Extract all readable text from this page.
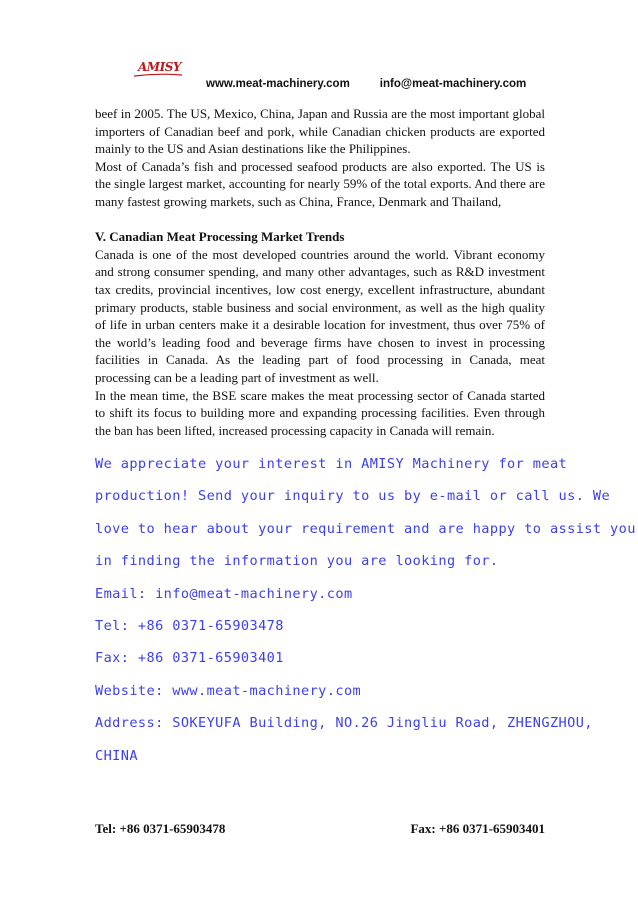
AMISY
www.meat-machinery.com	info@meat-machinery.com

beef in 2005. The US, Mexico, China, Japan and Russia are the most important global importers of Canadian beef and pork, while Canadian chicken products are exported mainly to the US and Asian destinations like the Philippines.

Most of Canada’s fish and processed seafood products are also exported. The US is the single largest market, accounting for nearly 59% of the total exports. And there are many fastest growing markets, such as China, France, Denmark and Thailand,

V. Canadian Meat Processing Market Trends

Canada is one of the most developed countries around the world. Vibrant economy and strong consumer spending, and many other advantages, such as R&D investment tax credits, provincial incentives, low cost energy, excellent infrastructure, abundant primary products, stable business and social environment, as well as the high quality of life in urban centers make it a desirable location for investment, thus over 75% of the world’s leading food and beverage firms have chosen to invest in processing facilities in Canada. As the leading part of food processing in Canada, meat processing can be a leading part of investment as well.

In the mean time, the BSE scare makes the meat processing sector of Canada started to shift its focus to building more and expanding processing facilities. Even through the ban has been lifted, increased processing capacity in Canada will remain.

We appreciate your interest in AMISY Machinery for meat
production! Send your inquiry to us by e-mail or call us. We
love to hear about your requirement and are happy to assist you
in finding the information you are looking for.
Email: info@meat-machinery.com
Tel: +86 0371-65903478
Fax: +86 0371-65903401
Website: www.meat-machinery.com
Address: SOKEYUFA Building, NO.26 Jingliu Road, ZHENGZHOU,
CHINA
Tel: +86 0371-65903478	Fax: +86 0371-65903401
